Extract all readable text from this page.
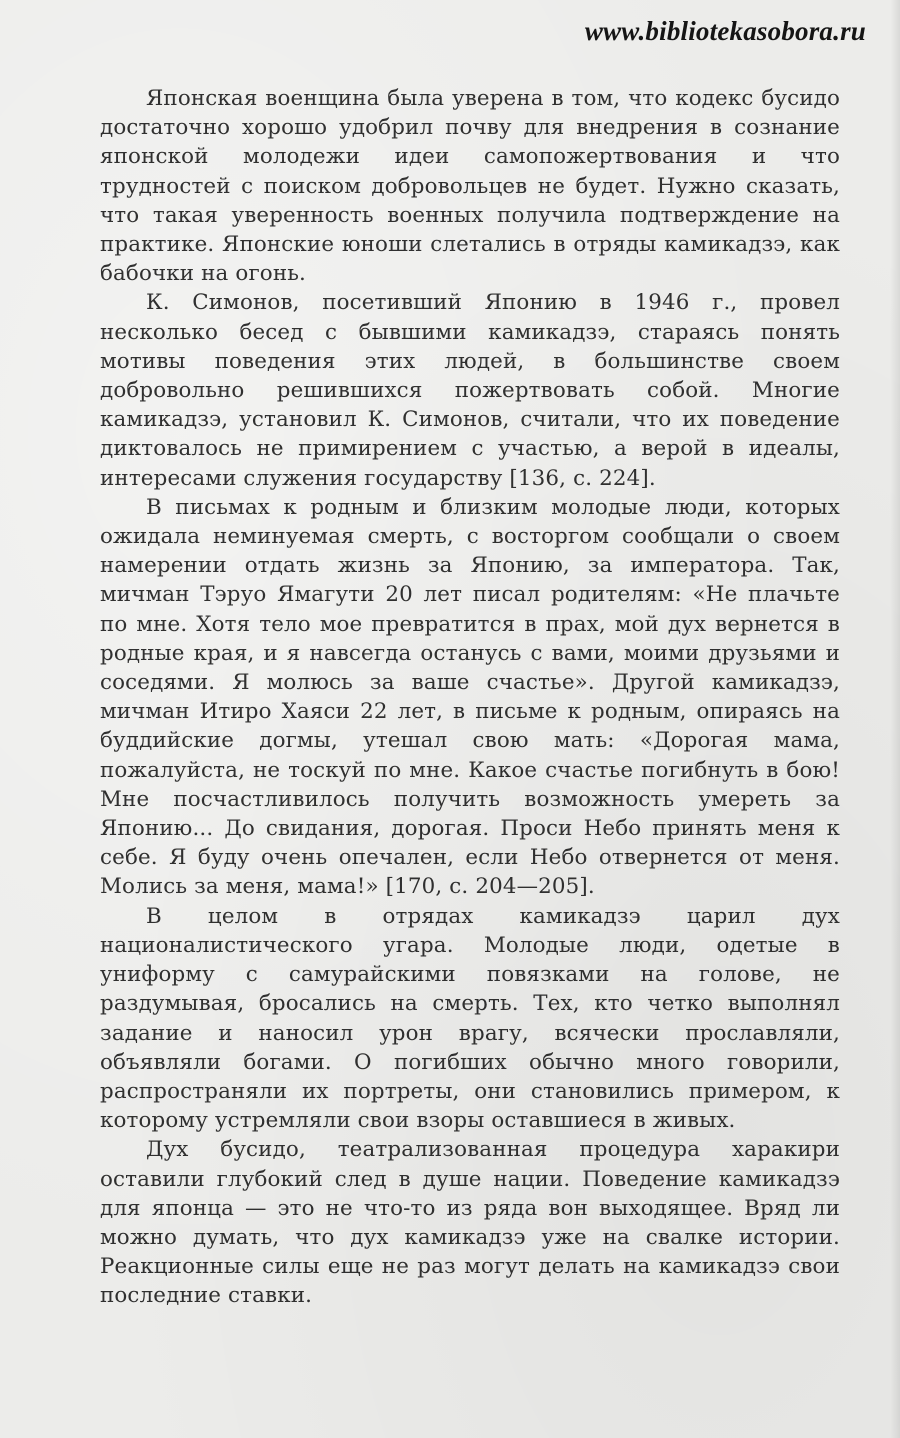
www.bibliotekasobora.ru

Японская военщина была уверена в том, что кодекс бусидо достаточно хорошо удобрил почву для внедрения в сознание японской молодежи идеи самопожертвования и что трудностей с поиском добровольцев не будет. Нужно сказать, что такая уверенность военных получила подтверждение на практике. Японские юноши слетались в отряды камикадзэ, как бабочки на огонь.

К. Симонов, посетивший Японию в 1946 г., провел несколько бесед с бывшими камикадзэ, стараясь понять мотивы поведения этих людей, в большинстве своем добровольно решившихся пожертвовать собой. Многие камикадзэ, установил К. Симонов, считали, что их поведение диктовалось не примирением с участью, а верой в идеалы, интересами служения государству [136, с. 224].

В письмах к родным и близким молодые люди, которых ожидала неминуемая смерть, с восторгом сообщали о своем намерении отдать жизнь за Японию, за императора. Так, мичман Тэруо Ямагути 20 лет писал родителям: «Не плачьте по мне. Хотя тело мое превратится в прах, мой дух вернется в родные края, и я навсегда останусь с вами, моими друзьями и соседями. Я молюсь за ваше счастье». Другой камикадзэ, мичман Итиро Хаяси 22 лет, в письме к родным, опираясь на буддийские догмы, утешал свою мать: «Дорогая мама, пожалуйста, не тоскуй по мне. Какое счастье погибнуть в бою! Мне посчастливилось получить возможность умереть за Японию... До свидания, дорогая. Проси Небо принять меня к себе. Я буду очень опечален, если Небо отвернется от меня. Молись за меня, мама!» [170, с. 204—205].

В целом в отрядах камикадзэ царил дух националистического угара. Молодые люди, одетые в униформу с самурайскими повязками на голове, не раздумывая, бросались на смерть. Тех, кто четко выполнял задание и наносил урон врагу, всячески прославляли, объявляли богами. О погибших обычно много говорили, распространяли их портреты, они становились примером, к которому устремляли свои взоры оставшиеся в живых.

Дух бусидо, театрализованная процедура харакири оставили глубокий след в душе нации. Поведение камикадзэ для японца — это не что-то из ряда вон выходящее. Вряд ли можно думать, что дух камикадзэ уже на свалке истории. Реакционные силы еще не раз могут делать на камикадзэ свои последние ставки.
